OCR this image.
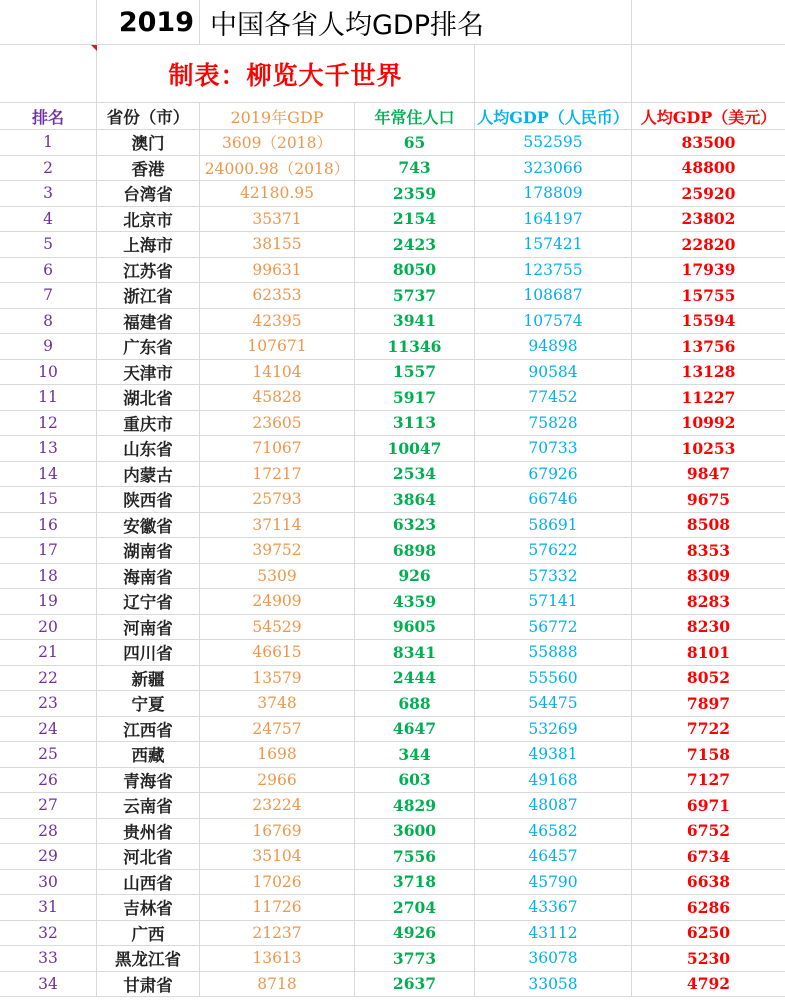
2019 中国各省人均GDP排名
制表：柳览大千世界
排名	省份（市）	2019年GDP	年常住人口	人均GDP（人民币） 人均GDP（美元）
1	澳门	3609（2018）	65	552595	83500
2	香港	24000.98（2018）	743	323066	48800
3	台湾省	42180.95	2359	178809	25920
4	北京市	35371	2154	164197	23802
5	上海市	38155	2423	157421	22820
6	江苏省	99631	8050	123755	17939
7	浙江省	62353	5737	108687	15755
8	福建省	42395	3941	107574	15594
9	广东省	107671	11346	94898	13756
10	天津市	14104	1557	90584	13128
11	湖北省	45828	5917	77452	11227
12	重庆市	23605	3113	75828	10992
13	山东省	71067	10047	70733	10253
14	内蒙古	17217	2534	67926	9847
15	陕西省	25793	3864	66746	9675
16	安徽省	37114	6323	58691	8508
17	湖南省	39752	6898	57622	8353
18	海南省	5309	926	57332	8309
19	辽宁省	24909	4359	57141	8283
20	河南省	54529	9605	56772	8230
21	四川省	46615	8341	55888	8101
22	新疆	13579	2444	55560	8052
23	宁夏	3748	688	54475	7897
24	江西省	24757	4647	53269	7722
25	西藏	1698	344	49381	7158
26	青海省	2966	603	49168	7127
27	云南省	23224	4829	48087	6971
28	贵州省	16769	3600	46582	6752
29	河北省	35104	7556	46457	6734
30	山西省	17026	3718	45790	6638
31	吉林省	11726	2704	43367	6286
32	广西	21237	4926	43112	6250
33	黑龙江省	13613	3773	36078	5230
34	甘肃省	8718	2637	33058	4792
